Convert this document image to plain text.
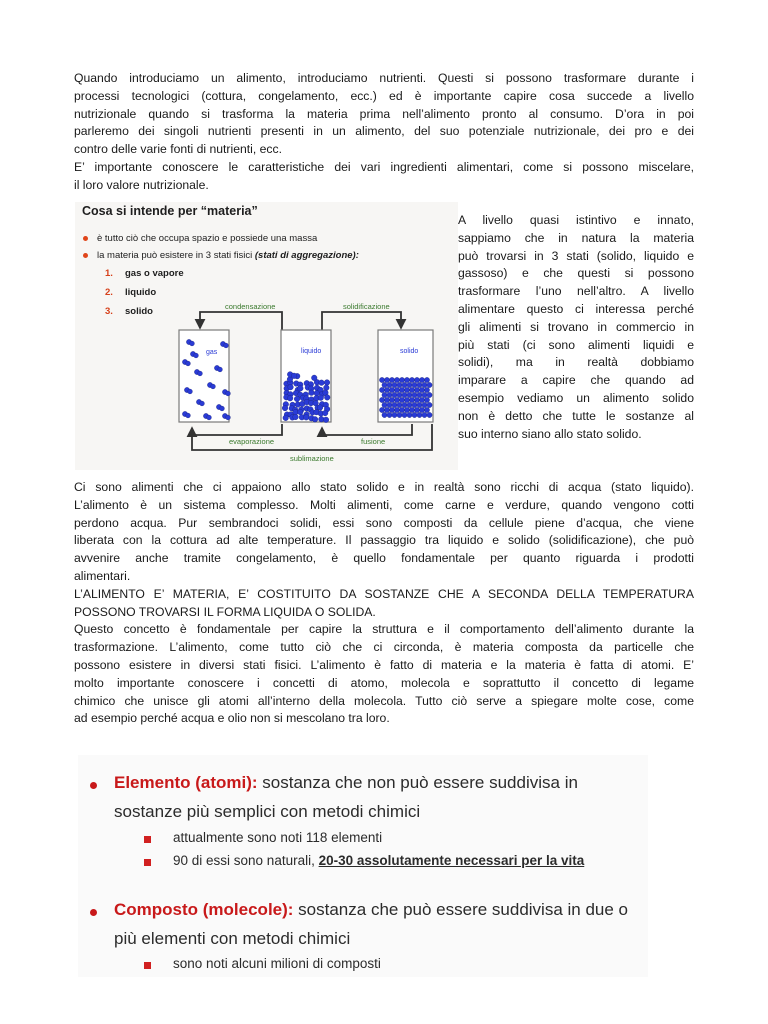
Quando introduciamo un alimento, introduciamo nutrienti. Questi si possono trasformare durante i
processi tecnologici (cottura, congelamento, ecc.) ed è importante capire cosa succede a livello
nutrizionale quando si trasforma la materia prima nell’alimento pronto al consumo. D’ora in poi
parleremo dei singoli nutrienti presenti in un alimento, del suo potenziale nutrizionale, dei pro e dei
contro delle varie fonti di nutrienti, ecc.
E’ importante conoscere le caratteristiche dei vari ingredienti alimentari, come si possono miscelare,
il loro valore nutrizionale.
Cosa si intende per “materia”
è tutto ciò che occupa spazio e possiede una massa
la materia può esistere in 3 stati fisici (stati di aggregazione):
1. gas o vapore
2. liquido
3. solido	condensazione	solidificazione
evaporazione	fusione
sublimazione
gas	liquido	solido
A livello quasi istintivo e innato,
sappiamo che in natura la materia
può trovarsi in 3 stati (solido, liquido e
gassoso) e che questi si possono
trasformare l’uno nell’altro. A livello
alimentare questo ci interessa perché
gli alimenti si trovano in commercio in
più stati (ci sono alimenti liquidi e
solidi), ma in realtà dobbiamo
imparare a capire che quando ad
esempio vediamo un alimento solido
non è detto che tutte le sostanze al
suo interno siano allo stato solido.
Ci sono alimenti che ci appaiono allo stato solido e in realtà sono ricchi di acqua (stato liquido).
L’alimento è un sistema complesso. Molti alimenti, come carne e verdure, quando vengono cotti
perdono acqua. Pur sembrandoci solidi, essi sono composti da cellule piene d’acqua, che viene
liberata con la cottura ad alte temperature. Il passaggio tra liquido e solido (solidificazione), che può
avvenire anche tramite congelamento, è quello fondamentale per quanto riguarda i prodotti
alimentari.
L’ALIMENTO E’ MATERIA, E’ COSTITUITO DA SOSTANZE CHE A SECONDA DELLA TEMPERATURA
POSSONO TROVARSI IL FORMA LIQUIDA O SOLIDA.
Questo concetto è fondamentale per capire la struttura e il comportamento dell’alimento durante la
trasformazione. L’alimento, come tutto ciò che ci circonda, è materia composta da particelle che
possono esistere in diversi stati fisici. L’alimento è fatto di materia e la materia è fatta di atomi. E’
molto importante conoscere i concetti di atomo, molecola e soprattutto il concetto di legame
chimico che unisce gli atomi all’interno della molecola. Tutto ciò serve a spiegare molte cose, come
ad esempio perché acqua e olio non si mescolano tra loro.
Elemento (atomi): sostanza che non può essere suddivisa in
sostanze più semplici con metodi chimici
attualmente sono noti 118 elementi
90 di essi sono naturali, 20-30 assolutamente necessari per la vita
Composto (molecole): sostanza che può essere suddivisa in due o
più elementi con metodi chimici
sono noti alcuni milioni di composti
